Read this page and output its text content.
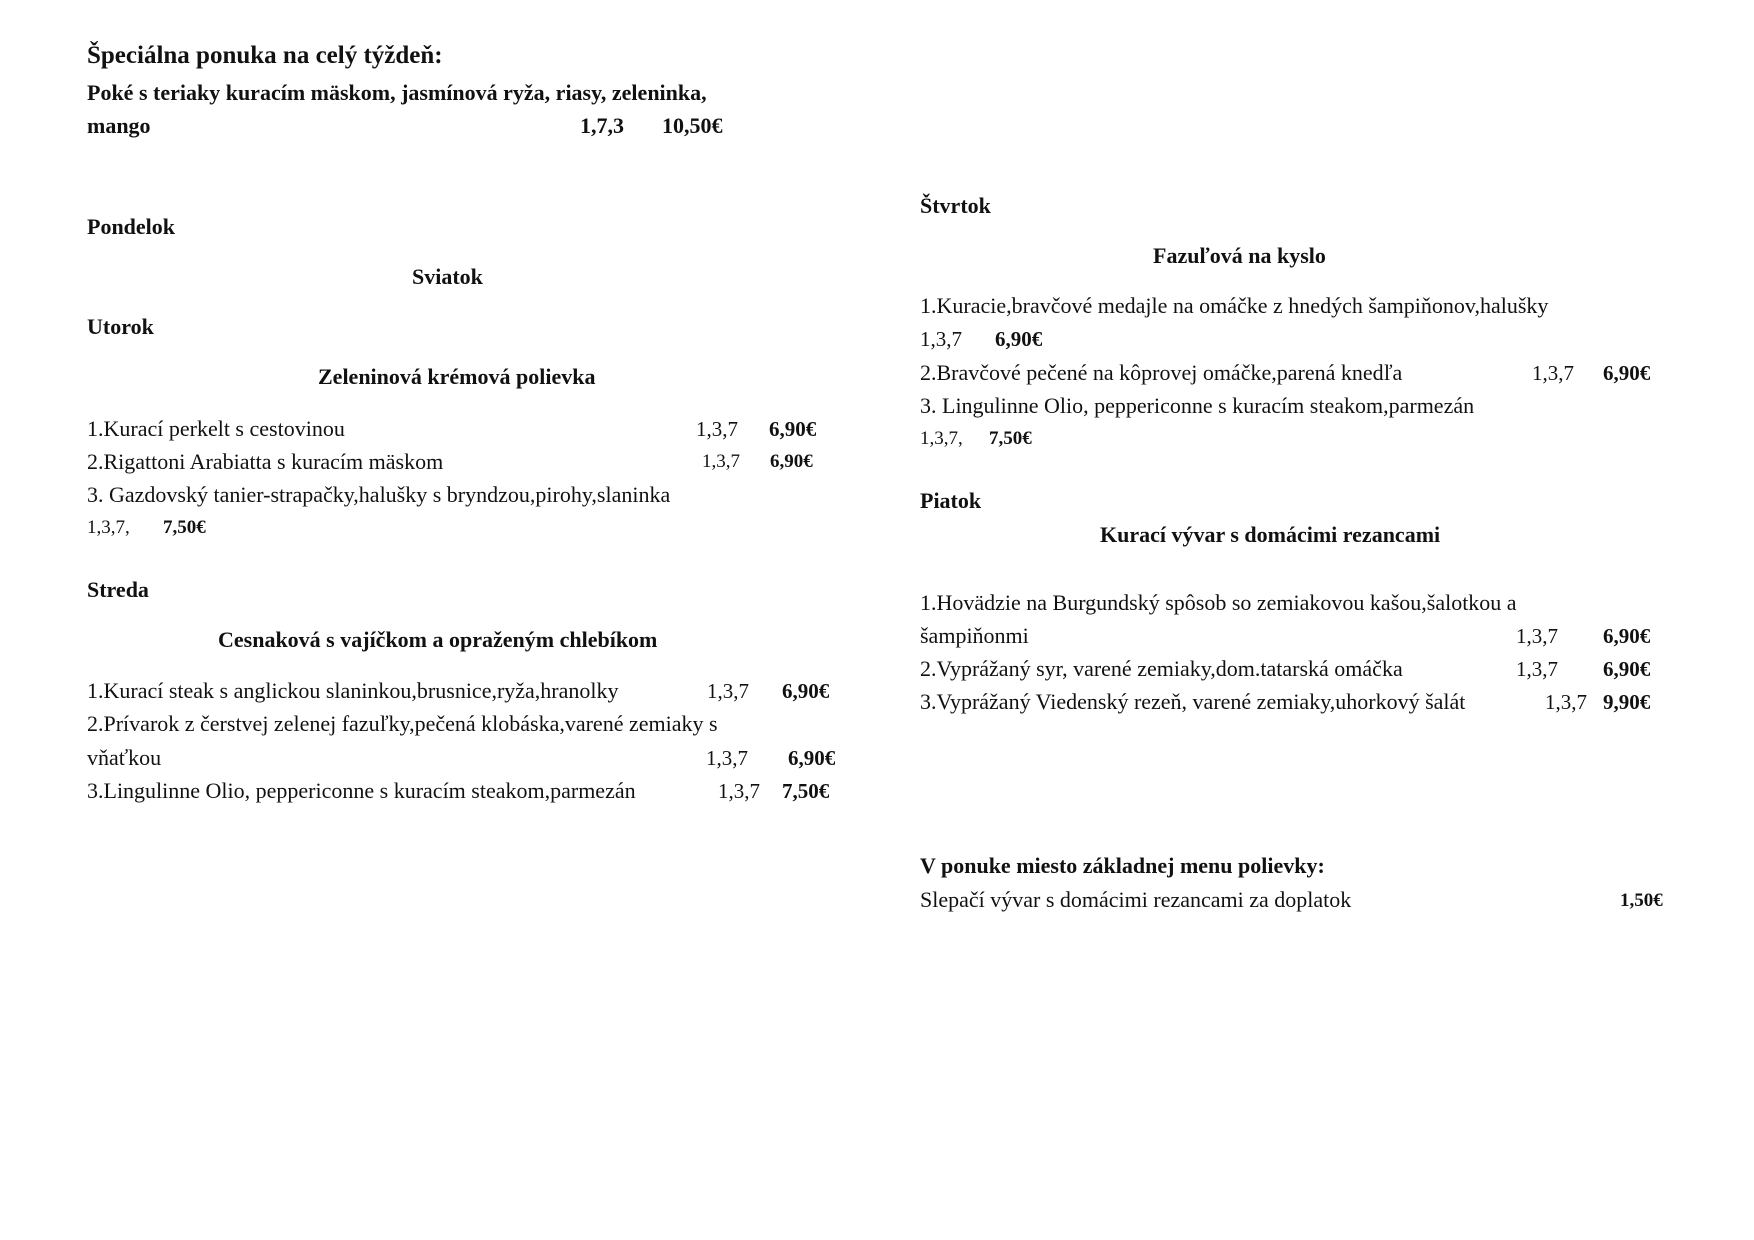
Špeciálna ponuka na celý týždeň:
Poké s teriaky kuracím mäskom, jasmínová ryža, riasy, zeleninka,
mango	1,7,3 10,50€
Pondelok
Sviatok
Utorok
Zeleninová krémová polievka
1.Kurací perkelt s cestovinou	1,3,7 6,90€
2.Rigattoni Arabiatta s kuracím mäskom	1,3,7 6,90€
3. Gazdovský tanier-strapačky,halušky s bryndzou,pirohy,slaninka
1,3,7, 7,50€
Streda
Cesnaková s vajíčkom a opraženým chlebíkom
1.Kurací steak s anglickou slaninkou,brusnice,ryža,hranolky	1,3,7 6,90€
2.Prívarok z čerstvej zelenej fazuľky,pečená klobáska,varené zemiaky s
vňaťkou	1,3,7 6,90€
3.Lingulinne Olio, peppericonne s kuracím steakom,parmezán	1,3,7 7,50€
Štvrtok
Fazuľová na kyslo
1.Kuracie,bravčové medajle na omáčke z hnedých šampiňonov,halušky
1,3,7 6,90€
2.Bravčové pečené na kôprovej omáčke,parená knedľa	1,3,7 6,90€
3. Lingulinne Olio, peppericonne s kuracím steakom,parmezán
1,3,7, 7,50€
Piatok
Kurací vývar s domácimi rezancami
1.Hovädzie na Burgundský spôsob so zemiakovou kašou,šalotkou a
šampiňonmi	1,3,7 6,90€
2.Vyprážaný syr, varené zemiaky,dom.tatarská omáčka	1,3,7 6,90€
3.Vyprážaný Viedenský rezeň, varené zemiaky,uhorkový šalát	1,3,7 9,90€
V ponuke miesto základnej menu polievky:
Slepačí vývar s domácimi rezancami za doplatok	1,50€
